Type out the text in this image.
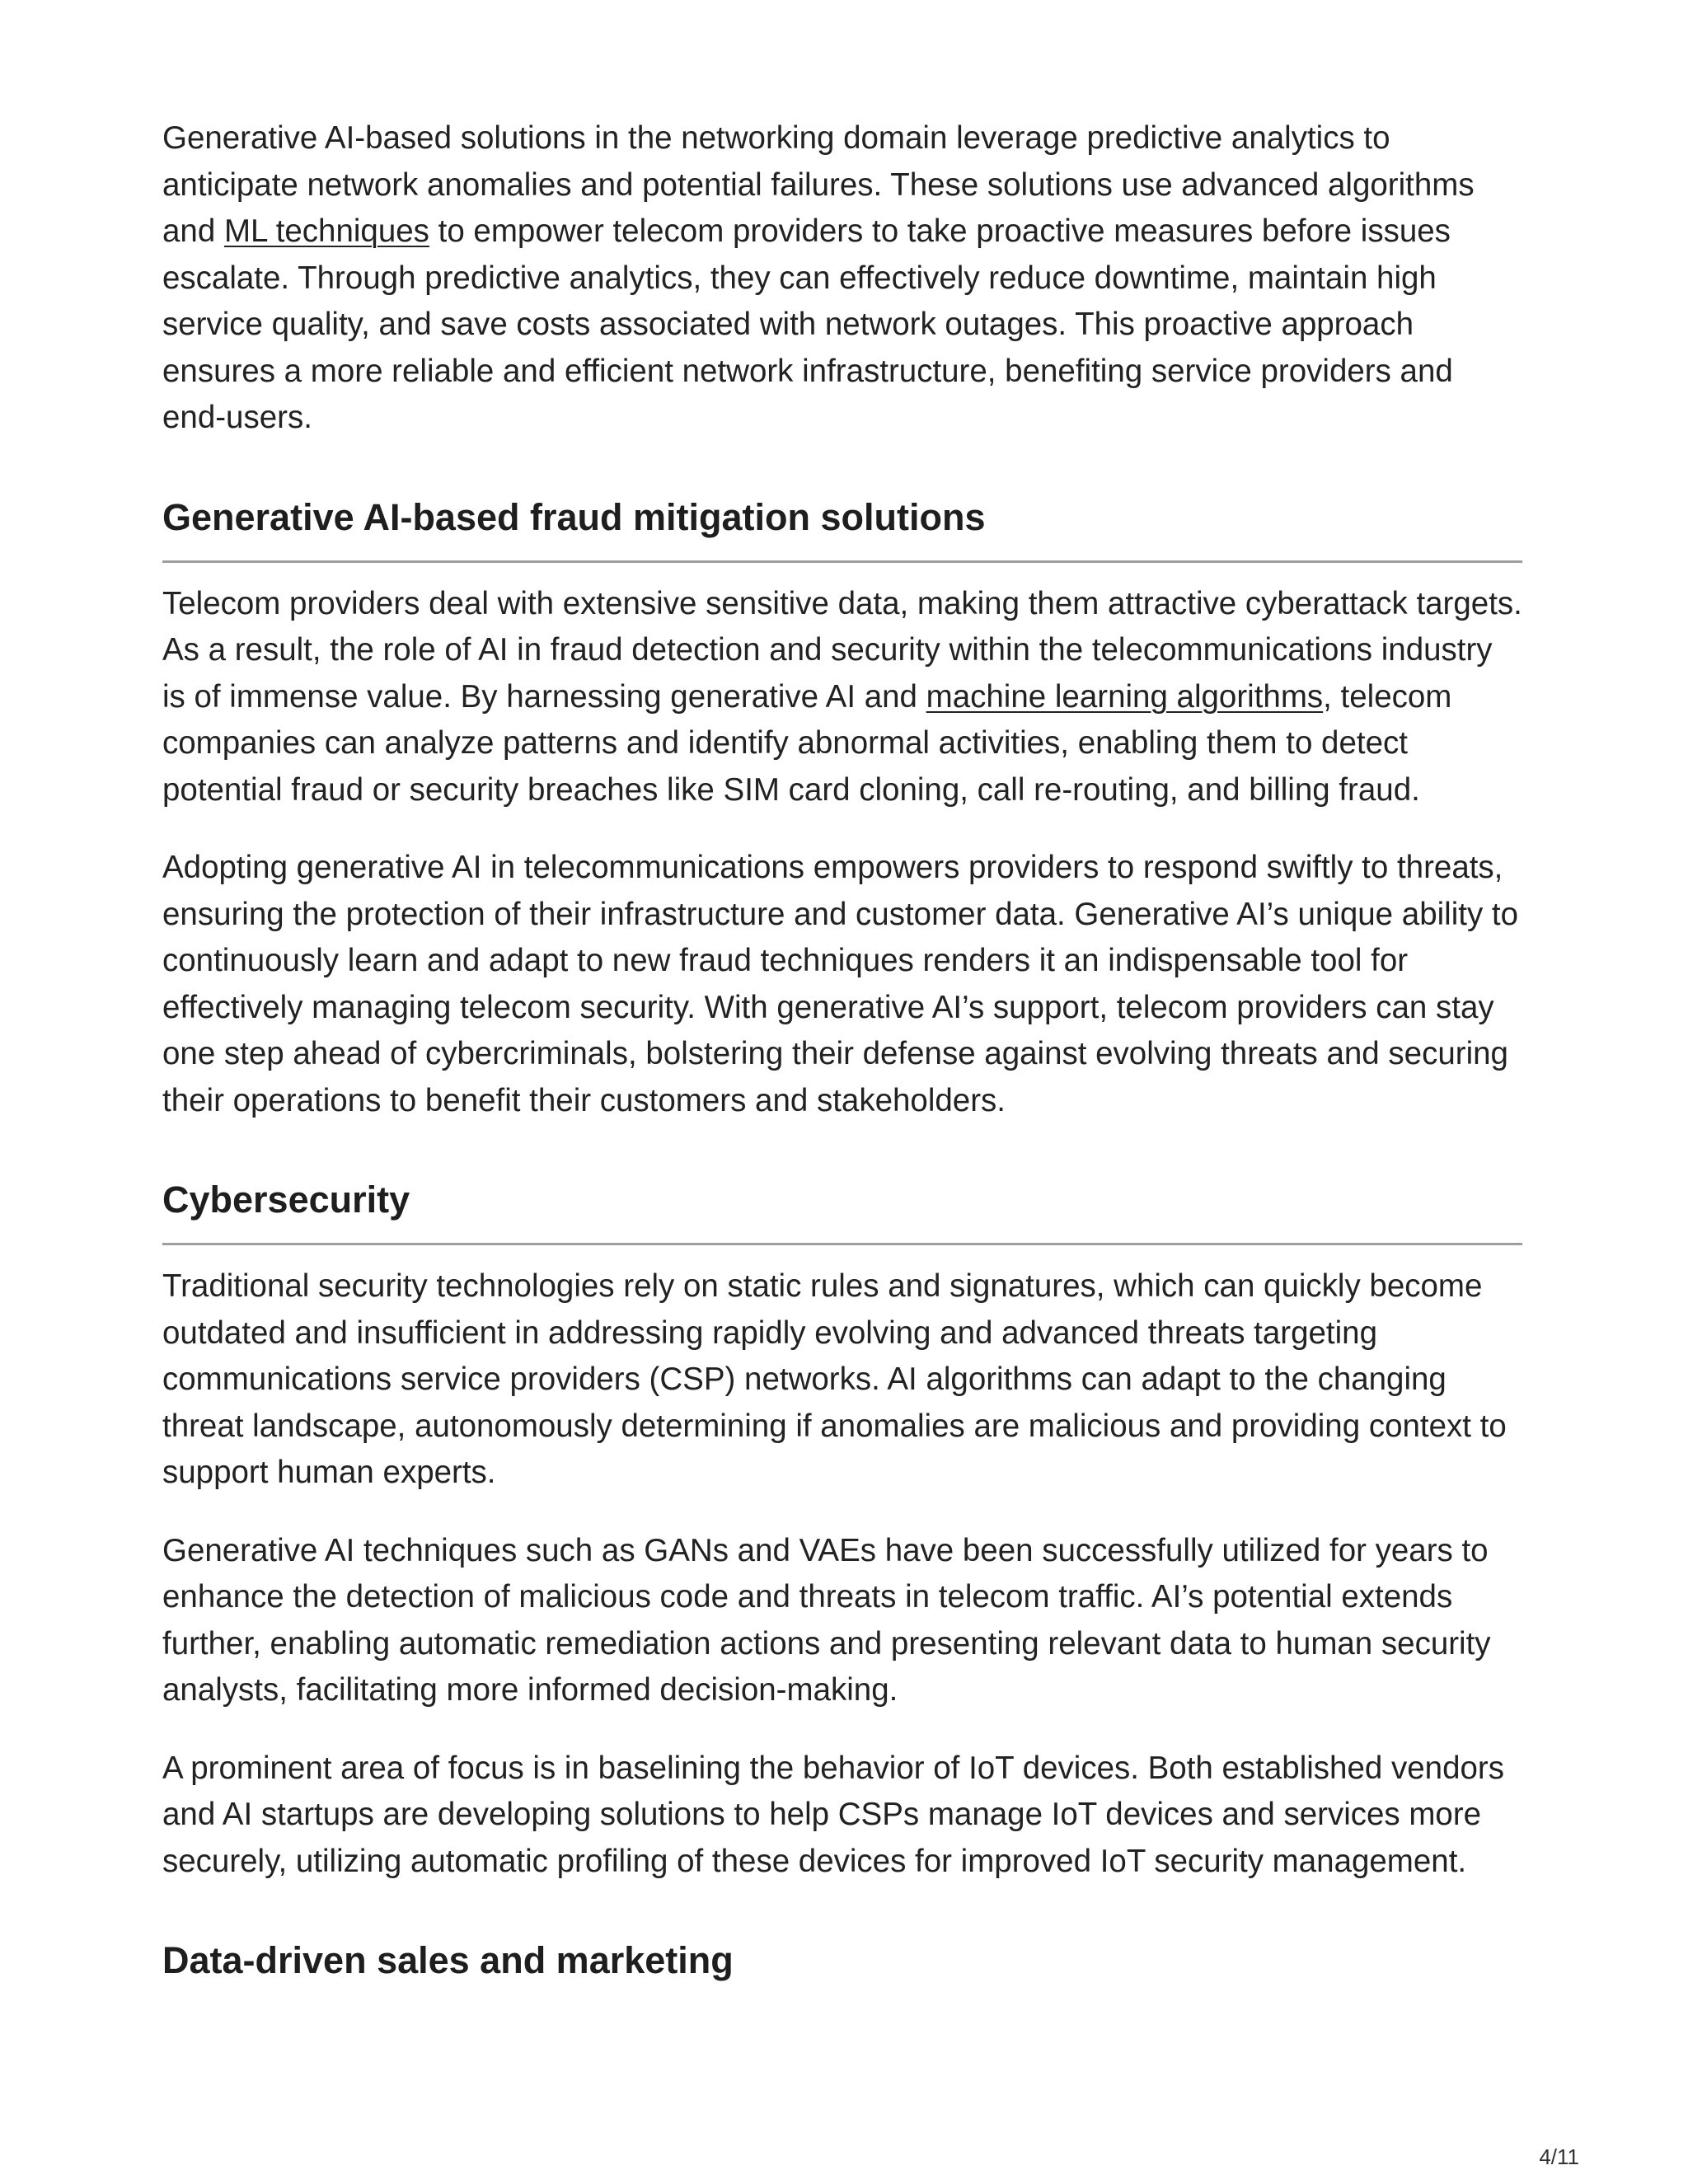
Generative AI-based solutions in the networking domain leverage predictive analytics to anticipate network anomalies and potential failures. These solutions use advanced algorithms and ML techniques to empower telecom providers to take proactive measures before issues escalate. Through predictive analytics, they can effectively reduce downtime, maintain high service quality, and save costs associated with network outages. This proactive approach ensures a more reliable and efficient network infrastructure, benefiting service providers and end-users.

Generative AI-based fraud mitigation solutions

Telecom providers deal with extensive sensitive data, making them attractive cyberattack targets. As a result, the role of AI in fraud detection and security within the telecommunications industry is of immense value. By harnessing generative AI and machine learning algorithms, telecom companies can analyze patterns and identify abnormal activities, enabling them to detect potential fraud or security breaches like SIM card cloning, call re-routing, and billing fraud.

Adopting generative AI in telecommunications empowers providers to respond swiftly to threats, ensuring the protection of their infrastructure and customer data. Generative AI’s unique ability to continuously learn and adapt to new fraud techniques renders it an indispensable tool for effectively managing telecom security. With generative AI’s support, telecom providers can stay one step ahead of cybercriminals, bolstering their defense against evolving threats and securing their operations to benefit their customers and stakeholders.

Cybersecurity

Traditional security technologies rely on static rules and signatures, which can quickly become outdated and insufficient in addressing rapidly evolving and advanced threats targeting communications service providers (CSP) networks. AI algorithms can adapt to the changing threat landscape, autonomously determining if anomalies are malicious and providing context to support human experts.

Generative AI techniques such as GANs and VAEs have been successfully utilized for years to enhance the detection of malicious code and threats in telecom traffic. AI’s potential extends further, enabling automatic remediation actions and presenting relevant data to human security analysts, facilitating more informed decision-making.

A prominent area of focus is in baselining the behavior of IoT devices. Both established vendors and AI startups are developing solutions to help CSPs manage IoT devices and services more securely, utilizing automatic profiling of these devices for improved IoT security management.

Data-driven sales and marketing
4/11
